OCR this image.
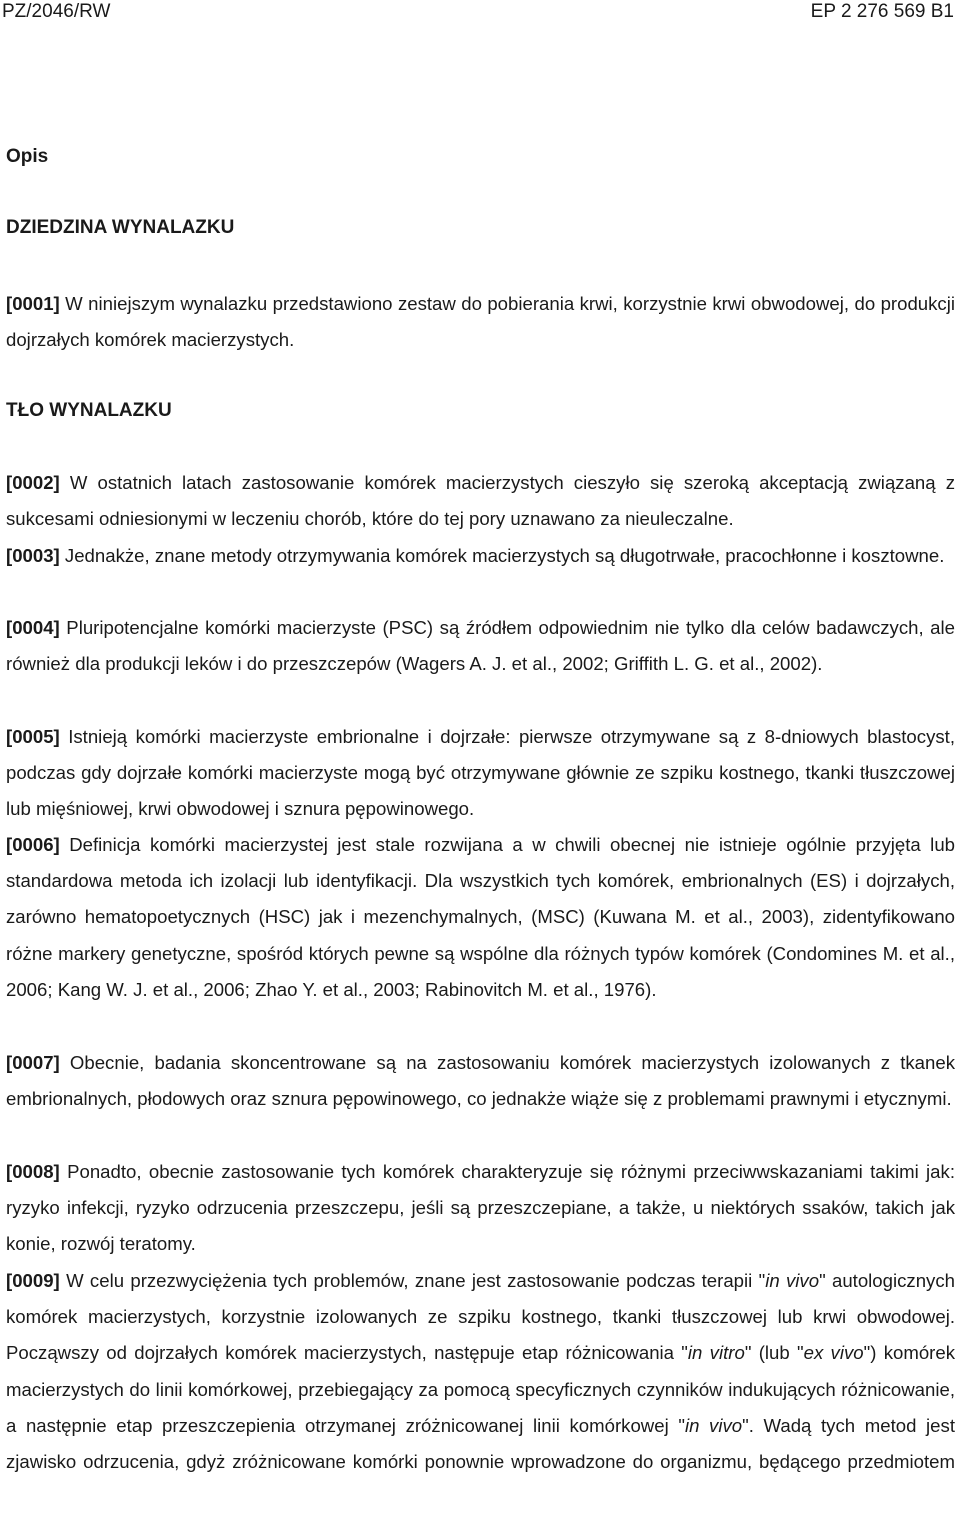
PZ/2046/RW	EP 2 276 569 B1
Opis
DZIEDZINA WYNALAZKU

[0001] W niniejszym wynalazku przedstawiono zestaw do pobierania krwi, korzystnie krwi obwodowej, do produkcji dojrzałych komórek macierzystych.

TŁO WYNALAZKU

[0002] W ostatnich latach zastosowanie komórek macierzystych cieszyło się szeroką akceptacją związaną z sukcesami odniesionymi w leczeniu chorób, które do tej pory uznawano za nieuleczalne.

[0003] Jednakże, znane metody otrzymywania komórek macierzystych są długotrwałe, pracochłonne i kosztowne.

[0004] Pluripotencjalne komórki macierzyste (PSC) są źródłem odpowiednim nie tylko dla celów badawczych, ale również dla produkcji leków i do przeszczepów (Wagers A. J. et al., 2002; Griffith L. G. et al., 2002).

[0005] Istnieją komórki macierzyste embrionalne i dojrzałe: pierwsze otrzymywane są z 8-dniowych blastocyst, podczas gdy dojrzałe komórki macierzyste mogą być otrzymywane głównie ze szpiku kostnego, tkanki tłuszczowej lub mięśniowej, krwi obwodowej i sznura pępowinowego.

[0006] Definicja komórki macierzystej jest stale rozwijana a w chwili obecnej nie istnieje ogólnie przyjęta lub standardowa metoda ich izolacji lub identyfikacji. Dla wszystkich tych komórek, embrionalnych (ES) i dojrzałych, zarówno hematopoetycznych (HSC) jak i mezenchymalnych, (MSC) (Kuwana M. et al., 2003), zidentyfikowano różne markery genetyczne, spośród których pewne są wspólne dla różnych typów komórek (Condomines M. et al., 2006; Kang W. J. et al., 2006; Zhao Y. et al., 2003; Rabinovitch M. et al., 1976).

[0007] Obecnie, badania skoncentrowane są na zastosowaniu komórek macierzystych izolowanych z tkanek embrionalnych, płodowych oraz sznura pępowinowego, co jednakże wiąże się z problemami prawnymi i etycznymi.

[0008] Ponadto, obecnie zastosowanie tych komórek charakteryzuje się różnymi przeciwwskazaniami takimi jak: ryzyko infekcji, ryzyko odrzucenia przeszczepu, jeśli są przeszczepiane, a także, u niektórych ssaków, takich jak konie, rozwój teratomy.

[0009] W celu przezwyciężenia tych problemów, znane jest zastosowanie podczas terapii "in vivo" autologicznych komórek macierzystych, korzystnie izolowanych ze szpiku kostnego, tkanki tłuszczowej lub krwi obwodowej. Począwszy od dojrzałych komórek macierzystych, następuje etap różnicowania "in vitro" (lub "ex vivo") komórek macierzystych do linii komórkowej, przebiegający za pomocą specyficznych czynników indukujących różnicowanie, a następnie etap przeszczepienia otrzymanej zróżnicowanej linii komórkowej "in vivo". Wadą tych metod jest zjawisko odrzucenia, gdyż zróżnicowane komórki ponownie wprowadzone do organizmu, będącego przedmiotem
